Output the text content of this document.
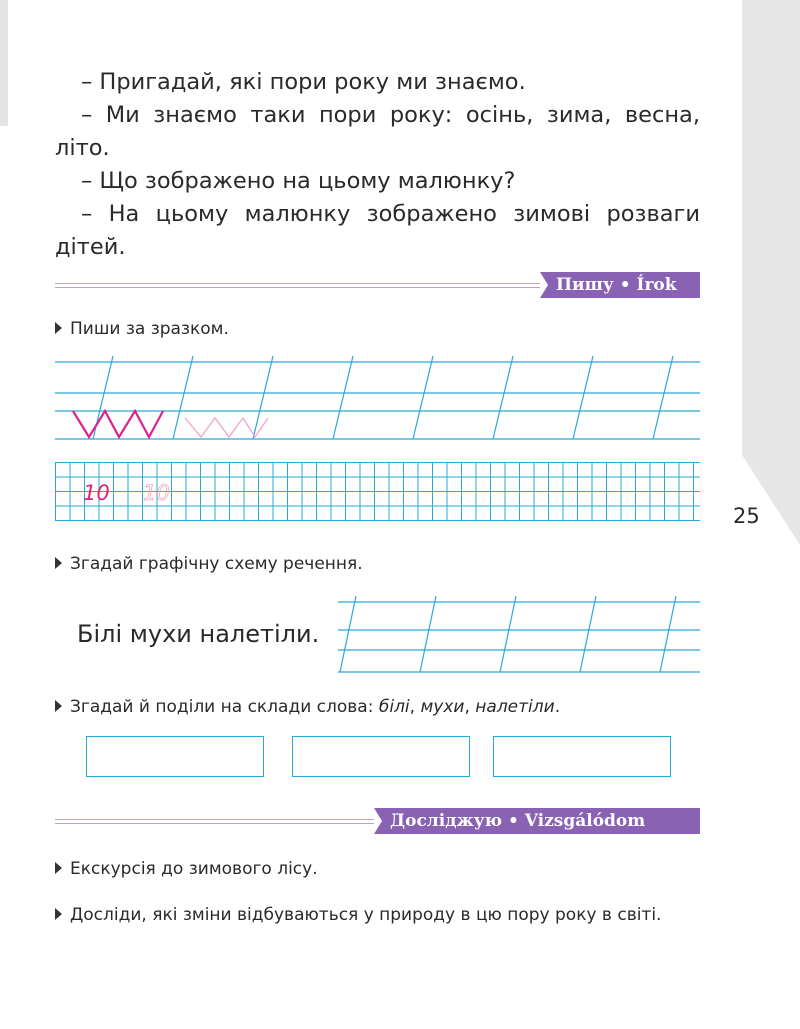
– Пригадай, які пори року ми знаємо.

– Ми знаємо таки пори року: осінь, зима, весна, літо.

– Що зображено на цьому малюнку?

– На цьому малюнку зображено зимові розваги дітей.

Пишу • Írok

Пиши за зразком.

10 10

Згадай графічну схему речення.

Білі мухи налетіли.

Згадай й поділи на склади слова: білі, мухи, налетіли.

Досліджую • Vizsgálódom

Екскурсія до зимового лісу.

Досліди, які зміни відбуваються у природу в цю пору року в світі.

25
